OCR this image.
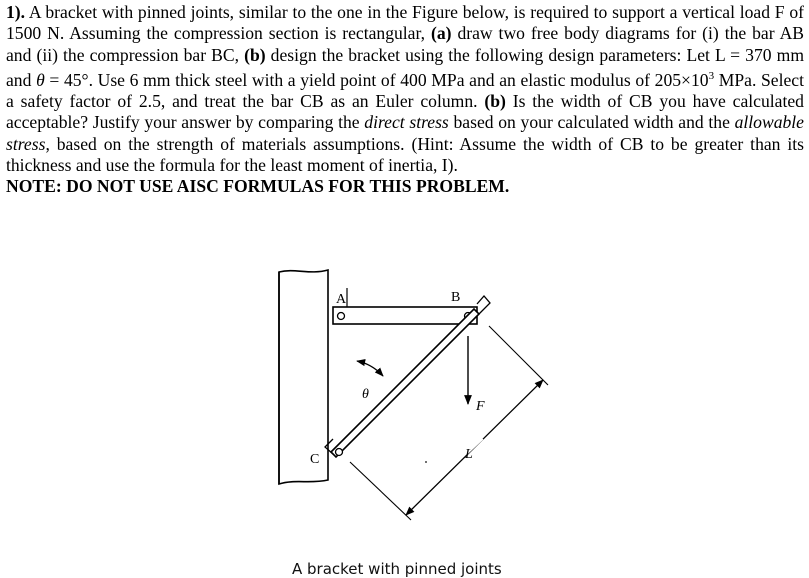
1). A bracket with pinned joints, similar to the one in the Figure below, is required to support a vertical load F of 1500 N. Assuming the compression section is rectangular, (a) draw two free body diagrams for (i) the bar AB and (ii) the compression bar BC, (b) design the bracket using the following design parameters: Let L = 370 mm and θ = 45°. Use 6 mm thick steel with a yield point of 400 MPa and an elastic modulus of $205\times 10^3$ MPa. Select a safety factor of 2.5, and treat the bar CB as an Euler column. (b) Is the width of CB you have calculated acceptable? Justify your answer by comparing the direct stress based on your calculated width and the allowable stress, based on the strength of materials assumptions. (Hint: Assume the width of CB to be greater than its thickness and use the formula for the least moment of inertia, I).

NOTE: DO NOT USE AISC FORMULAS FOR THIS PROBLEM.

A	B
C
F
L
θ
A bracket with pinned joints
